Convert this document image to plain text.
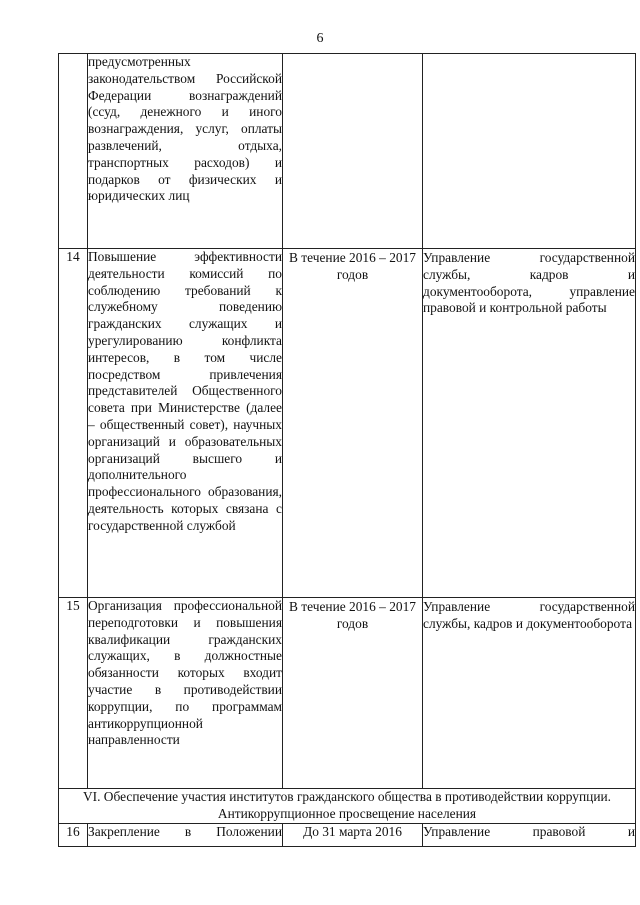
6
	предусмотренных законодательством Российской Федерации вознаграждений (ссуд, денежного и иного вознаграждения, услуг, оплаты развлечений, отдыха, транспортных расходов) и подарков от физических и юридических лиц		
14	Повышение эффективности деятельности комиссий по соблюдению требований к служебному поведению гражданских служащих и урегулированию конфликта интересов, в том числе посредством привлечения представителей Общественного совета при Министерстве (далее – общественный совет), научных организаций и образовательных организаций высшего и дополнительного профессионального образования, деятельность которых связана с государственной службой	В течение 2016 – 2017 годов	Управление государственной службы, кадров и документооборота, управление правовой и контрольной работы

15	Организация профессиональной переподготовки и повышения квалификации гражданских служащих, в должностные обязанности которых входит участие в противодействии коррупции, по программам антикоррупционной направленности	В течение 2016 – 2017 годов	Управление государственной службы, кадров и документооборота

VI. Обеспечение участия институтов гражданского общества в противодействии коррупции. Антикоррупционное просвещение населения			
16	Закрепление в Положении	До 31 марта 2016	Управление правовой и
